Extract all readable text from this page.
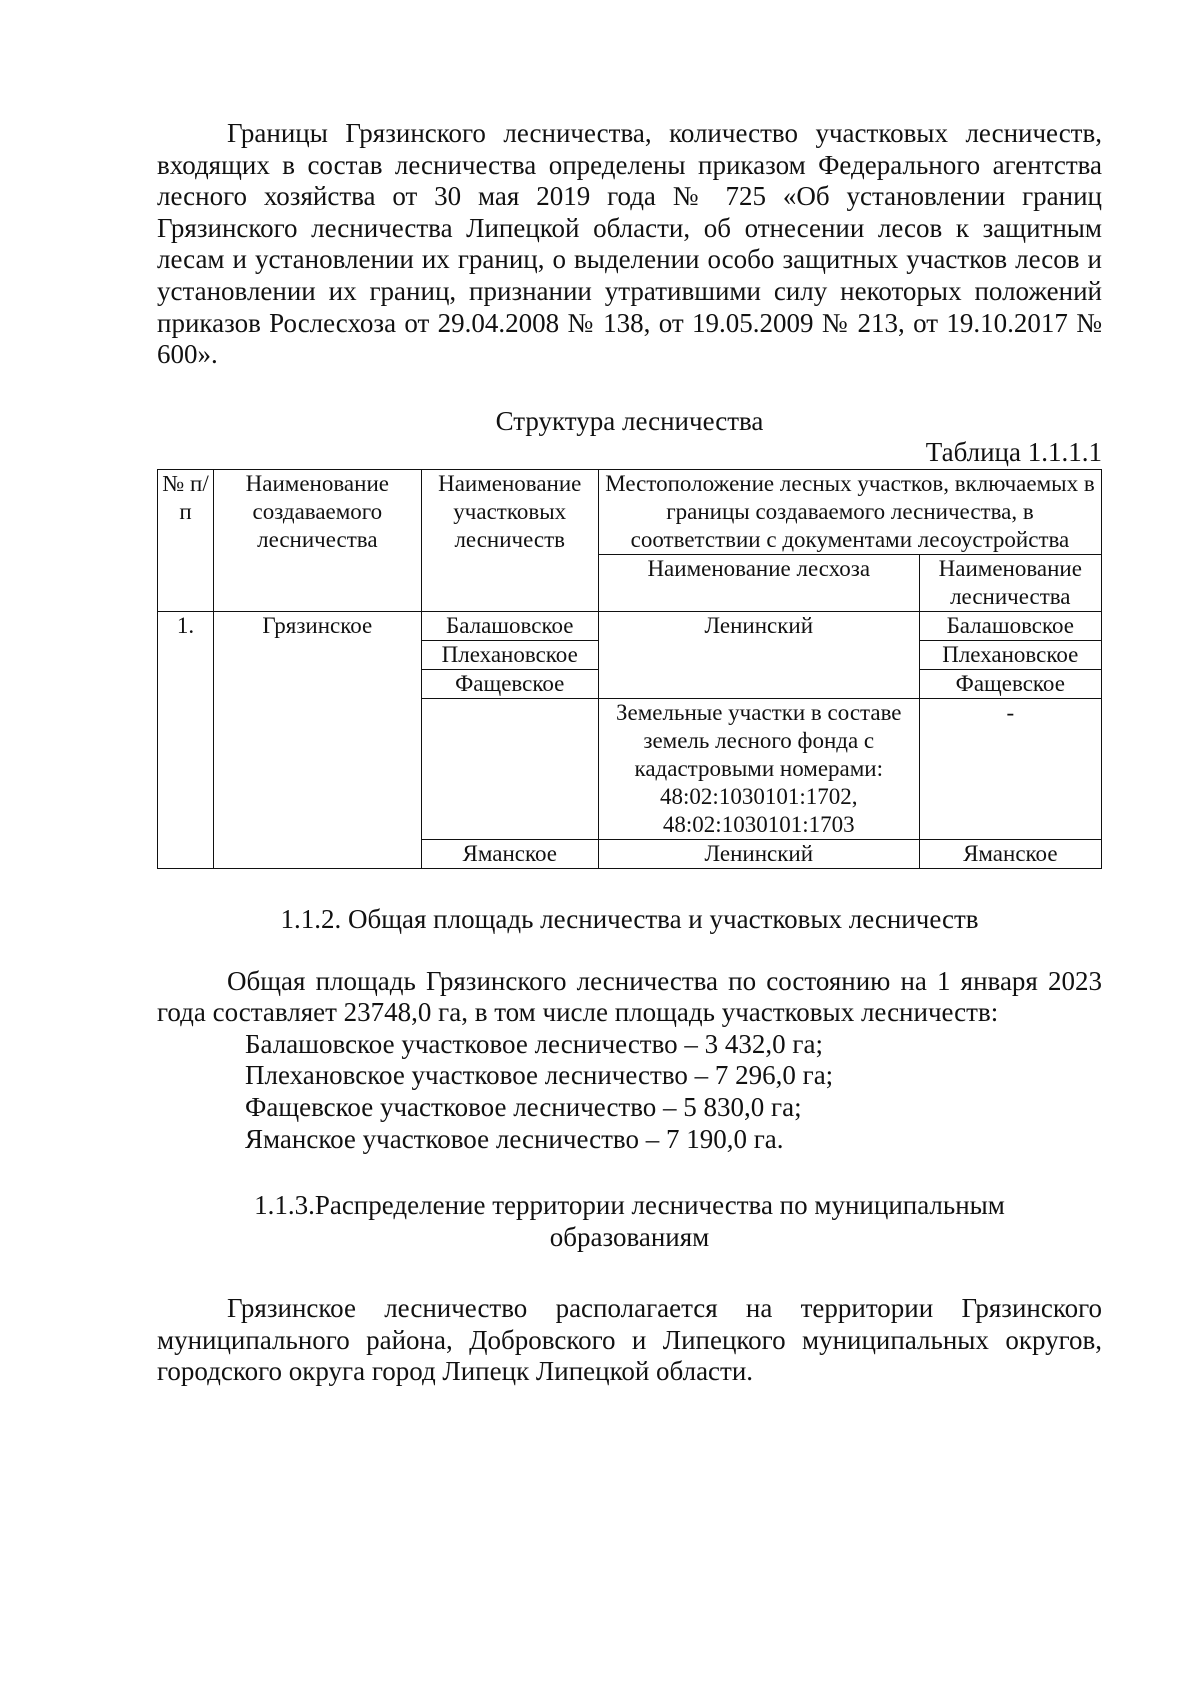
Границы Грязинского лесничества, количество участковых лесничеств, входящих в состав лесничества определены приказом Федерального агентства лесного хозяйства от 30 мая 2019 года № 725 «Об установлении границ Грязинского лесничества Липецкой области, об отнесении лесов к защитным лесам и установлении их границ, о выделении особо защитных участков лесов и установлении их границ, признании утратившими силу некоторых положений приказов Рослесхоза от 29.04.2008 № 138, от 19.05.2009 № 213, от 19.10.2017 № 600».

Структура лесничества

Таблица 1.1.1.1

№ п/п	Наименование создаваемого лесничества	Наименование участковых лесничеств	Местоположение лесных участков, включаемых в границы создаваемого лесничества, в соответствии с документами лесоустройства	
			Наименование лесхоза	Наименование лесничества
1.	Грязинское	Балашовское	Ленинский	Балашовское
		Плехановское		Плехановское
		Фащевское		Фащевское
			Земельные участки в составе земель лесного фонда с кадастровыми номерами: 48:02:1030101:1702, 48:02:1030101:1703	-
		Яманское	Ленинский	Яманское

1.1.2. Общая площадь лесничества и участковых лесничеств

Общая площадь Грязинского лесничества по состоянию на 1 января 2023 года составляет 23748,0 га, в том числе площадь участковых лесничеств:

Балашовское участковое лесничество – 3 432,0 га;

Плехановское участковое лесничество – 7 296,0 га;

Фащевское участковое лесничество – 5 830,0 га;

Яманское участковое лесничество – 7 190,0 га.

1.1.3.Распределение территории лесничества по муниципальным
образованиям

Грязинское лесничество располагается на территории Грязинского муниципального района, Добровского и Липецкого муниципальных округов, городского округа город Липецк Липецкой области.
